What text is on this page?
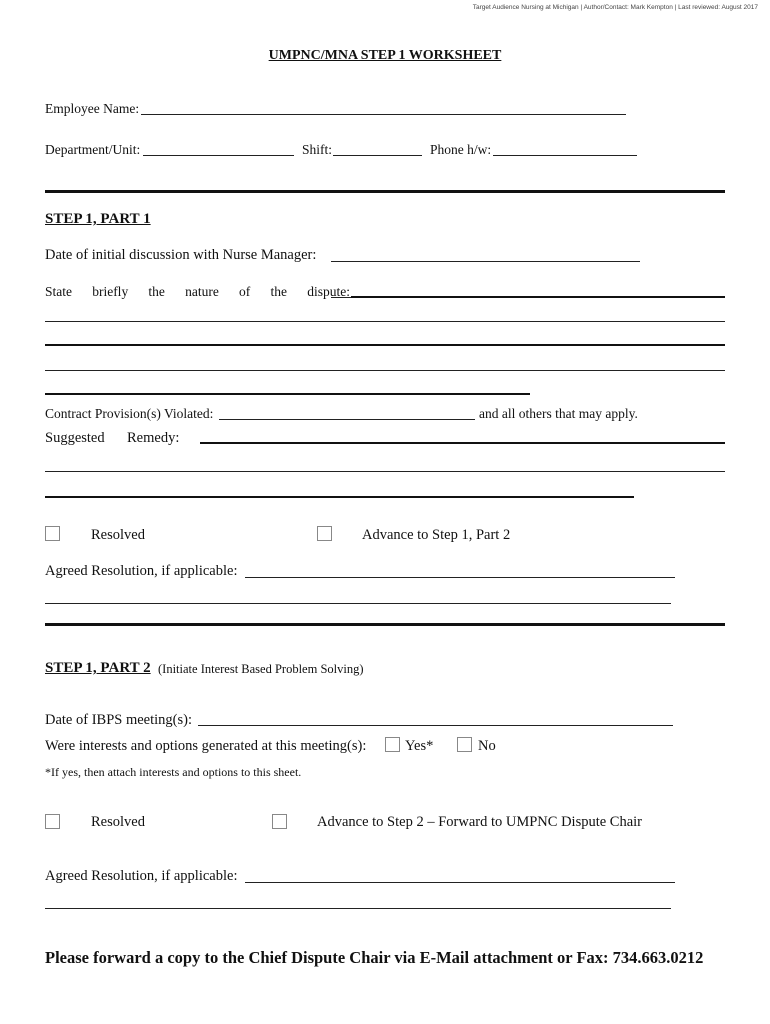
Target Audience Nursing at Michigan | Author/Contact: Mark Kempton | Last reviewed: August 2017
UMPNC/MNA STEP 1 WORKSHEET
Employee Name:
Department/Unit:	Shift:	Phone h/w:
STEP 1, PART 1
Date of initial discussion with Nurse Manager:
State briefly the nature of the dispute:
Contract Provision(s) Violated:	and all others that may apply.
Suggested Remedy:
Resolved	Advance to Step 1, Part 2
Agreed Resolution, if applicable:
STEP 1, PART 2 (Initiate Interest Based Problem Solving)
Date of IBPS meeting(s):
Were interests and options generated at this meeting(s):	Yes*	No
*If yes, then attach interests and options to this sheet.
Resolved	Advance to Step 2 – Forward to UMPNC Dispute Chair
Agreed Resolution, if applicable:
Please forward a copy to the Chief Dispute Chair via E-Mail attachment or Fax: 734.663.0212
